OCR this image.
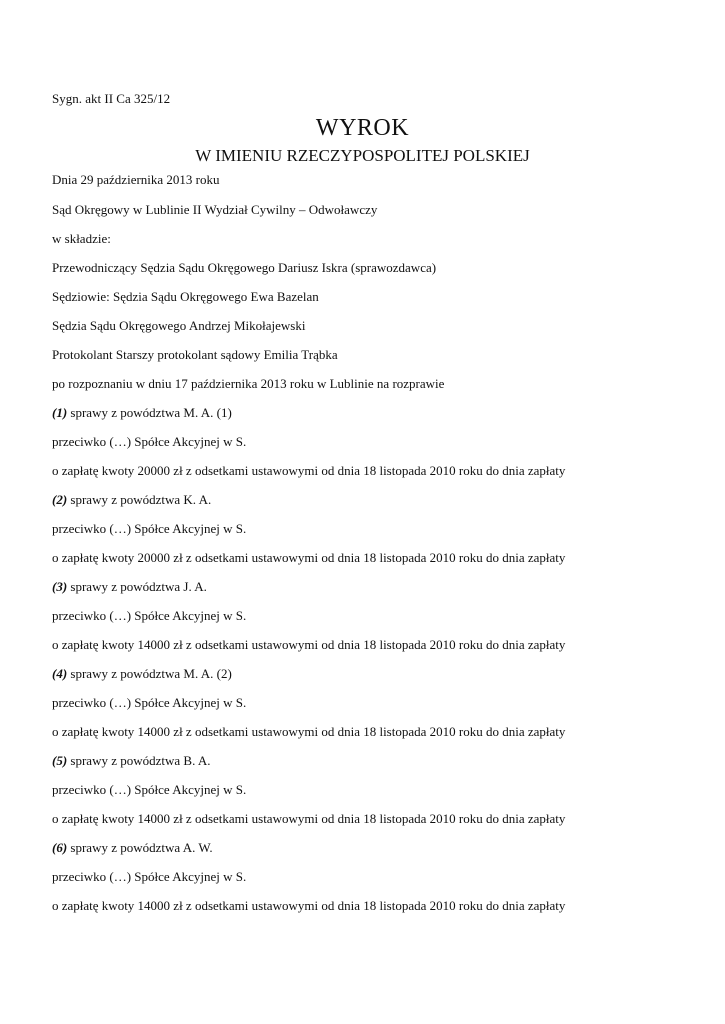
Sygn. akt II Ca 325/12
WYROK
W IMIENIU RZECZYPOSPOLITEJ POLSKIEJ
Dnia 29 października 2013 roku
Sąd Okręgowy w Lublinie II Wydział Cywilny – Odwoławczy
w składzie:
Przewodniczący Sędzia Sądu Okręgowego Dariusz Iskra (sprawozdawca)
Sędziowie: Sędzia Sądu Okręgowego Ewa Bazelan
Sędzia Sądu Okręgowego Andrzej Mikołajewski
Protokolant Starszy protokolant sądowy Emilia Trąbka
po rozpoznaniu w dniu 17 października 2013 roku w Lublinie na rozprawie
(1) sprawy z powództwa M. A. (1)
przeciwko (…) Spółce Akcyjnej w S.
o zapłatę kwoty 20000 zł z odsetkami ustawowymi od dnia 18 listopada 2010 roku do dnia zapłaty
(2) sprawy z powództwa K. A.
przeciwko (…) Spółce Akcyjnej w S.
o zapłatę kwoty 20000 zł z odsetkami ustawowymi od dnia 18 listopada 2010 roku do dnia zapłaty
(3) sprawy z powództwa J. A.
przeciwko (…) Spółce Akcyjnej w S.
o zapłatę kwoty 14000 zł z odsetkami ustawowymi od dnia 18 listopada 2010 roku do dnia zapłaty
(4) sprawy z powództwa M. A. (2)
przeciwko (…) Spółce Akcyjnej w S.
o zapłatę kwoty 14000 zł z odsetkami ustawowymi od dnia 18 listopada 2010 roku do dnia zapłaty
(5) sprawy z powództwa B. A.
przeciwko (…) Spółce Akcyjnej w S.
o zapłatę kwoty 14000 zł z odsetkami ustawowymi od dnia 18 listopada 2010 roku do dnia zapłaty
(6) sprawy z powództwa A. W.
przeciwko (…) Spółce Akcyjnej w S.
o zapłatę kwoty 14000 zł z odsetkami ustawowymi od dnia 18 listopada 2010 roku do dnia zapłaty
